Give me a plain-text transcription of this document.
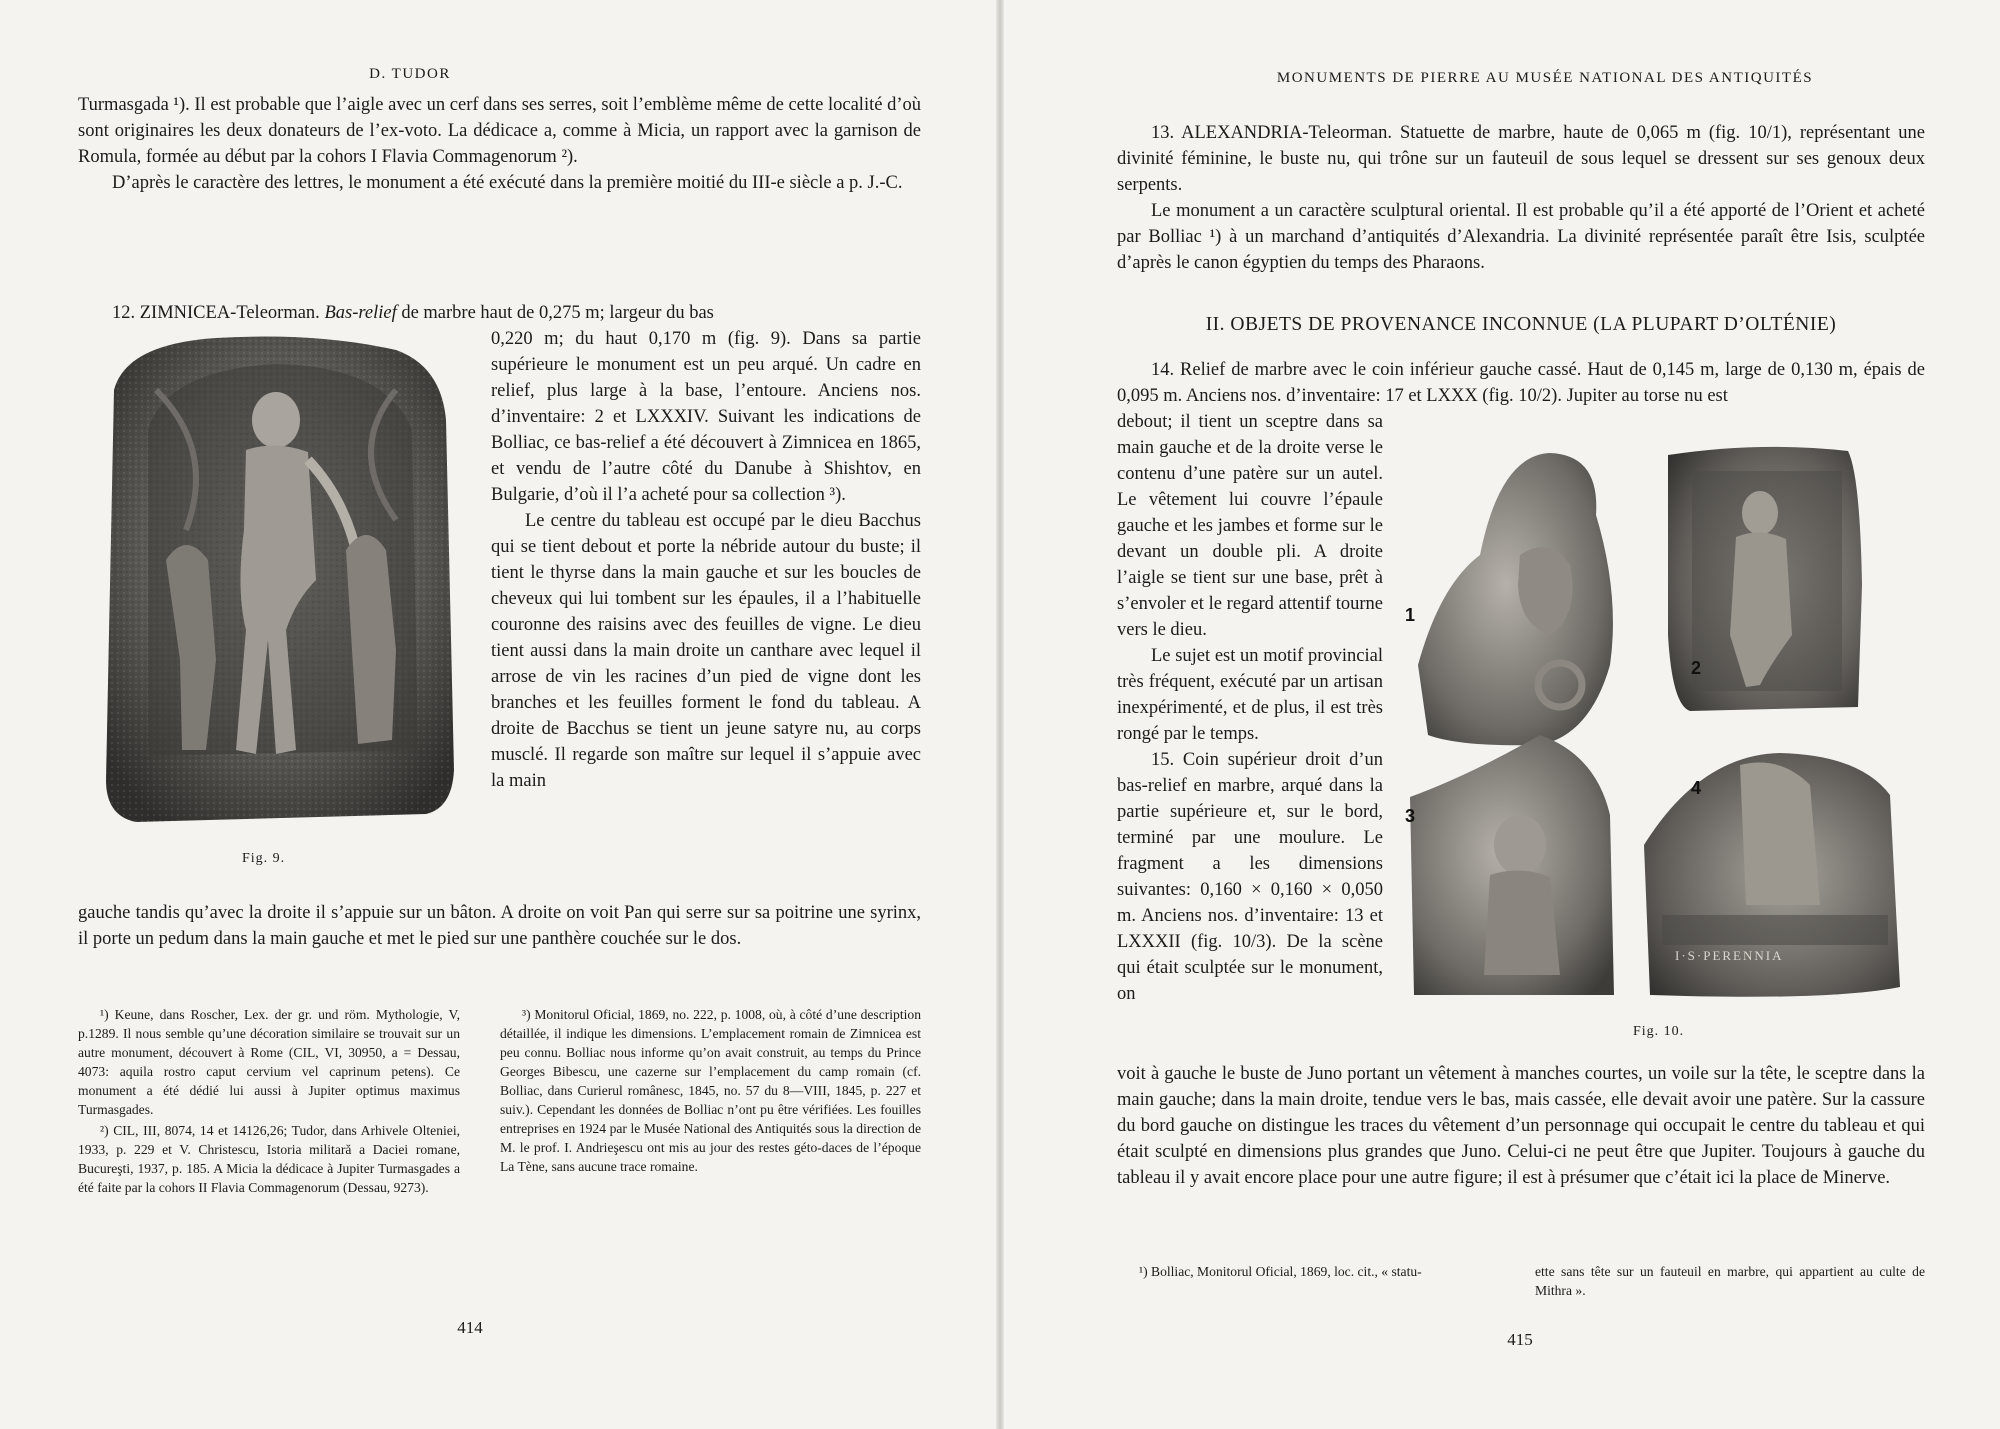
D. TUDOR

Turmasgada ¹). Il est probable que l’aigle avec un cerf dans ses serres, soit l’emblème même de cette localité d’où sont originaires les deux donateurs de l’ex-voto. La dédicace a, comme à Micia, un rapport avec la garnison de Romula, formée au début par la cohors I Flavia Commagenorum ²).

D’après le caractère des lettres, le monument a été exécuté dans la première moitié du III-e siècle a p. J.-C.

12. ZIMNICEA-Teleorman. Bas-relief de marbre haut de 0,275 m; largeur du bas

Fig. 9.

0,220 m; du haut 0,170 m (fig. 9). Dans sa partie supérieure le monument est un peu arqué. Un cadre en relief, plus large à la base, l’entoure. Anciens nos. d’inventaire: 2 et LXXXIV. Suivant les indications de Bolliac, ce bas-relief a été découvert à Zimnicea en 1865, et vendu de l’autre côté du Danube à Shishtov, en Bulgarie, d’où il l’a acheté pour sa collection ³).

Le centre du tableau est occupé par le dieu Bacchus qui se tient debout et porte la nébride autour du buste; il tient le thyrse dans la main gauche et sur les boucles de cheveux qui lui tombent sur les épaules, il a l’habituelle couronne des raisins avec des feuilles de vigne. Le dieu tient aussi dans la main droite un canthare avec lequel il arrose de vin les racines d’un pied de vigne dont les branches et les feuilles forment le fond du tableau. A droite de Bacchus se tient un jeune satyre nu, au corps musclé. Il regarde son maître sur lequel il s’appuie avec la main

gauche tandis qu’avec la droite il s’appuie sur un bâton. A droite on voit Pan qui serre sur sa poitrine une syrinx, il porte un pedum dans la main gauche et met le pied sur une panthère couchée sur le dos.

¹) Keune, dans Roscher, Lex. der gr. und röm. Mythologie, V, p.1289. Il nous semble qu’une décoration similaire se trouvait sur un autre monument, découvert à Rome (CIL, VI, 30950, a = Dessau, 4073: aquila rostro caput cervium vel caprinum petens). Ce monument a été dédié lui aussi à Jupiter optimus maximus Turmasgades.

²) CIL, III, 8074, 14 et 14126,26; Tudor, dans Arhivele Olteniei, 1933, p. 229 et V. Christescu, Istoria militară a Daciei romane, Bucureşti, 1937, p. 185. A Micia la dédicace à Jupiter Turmasgades a été faite par la cohors II Flavia Commagenorum (Dessau, 9273).

³) Monitorul Oficial, 1869, no. 222, p. 1008, où, à côté d’une description détaillée, il indique les dimensions. L’emplacement romain de Zimnicea est peu connu. Bolliac nous informe qu’on avait construit, au temps du Prince Georges Bibescu, une cazerne sur l’emplacement du camp romain (cf. Bolliac, dans Curierul românesc, 1845, no. 57 du 8—VIII, 1845, p. 227 et suiv.). Cependant les données de Bolliac n’ont pu être vérifiées. Les fouilles entreprises en 1924 par le Musée National des Antiquités sous la direction de M. le prof. I. Andrieşescu ont mis au jour des restes géto-daces de l’époque La Tène, sans aucune trace romaine.

414
MONUMENTS DE PIERRE AU MUSÉE NATIONAL DES ANTIQUITÉS

13. ALEXANDRIA-Teleorman. Statuette de marbre, haute de 0,065 m (fig. 10/1), représentant une divinité féminine, le buste nu, qui trône sur un fauteuil de sous lequel se dressent sur ses genoux deux serpents.

Le monument a un caractère sculptural oriental. Il est probable qu’il a été apporté de l’Orient et acheté par Bolliac ¹) à un marchand d’antiquités d’Alexandria. La divinité représentée paraît être Isis, sculptée d’après le canon égyptien du temps des Pharaons.

II. OBJETS DE PROVENANCE INCONNUE (LA PLUPART D’OLTÉNIE)

14. Relief de marbre avec le coin inférieur gauche cassé. Haut de 0,145 m, large de 0,130 m, épais de 0,095 m. Anciens nos. d’inventaire: 17 et LXXX (fig. 10/2). Jupiter au torse nu est

debout; il tient un sceptre dans sa main gauche et de la droite verse le contenu d’une patère sur un autel. Le vêtement lui couvre l’épaule gauche et les jambes et forme sur le devant un double pli. A droite l’aigle se tient sur une base, prêt à s’envoler et le regard attentif tourne vers le dieu.

Le sujet est un motif provincial très fréquent, exécuté par un artisan inexpérimenté, et de plus, il est très rongé par le temps.

15. Coin supérieur droit d’un bas-relief en marbre, arqué dans la partie supérieure et, sur le bord, terminé par une moulure. Le fragment a les dimensions suivantes: 0,160 × 0,160 × 0,050 m. Anciens nos. d’inventaire: 13 et LXXXII (fig. 10/3). De la scène qui était sculptée sur le monument, on

1
2
3
4
I·S·PERENNIA
Fig. 10.

voit à gauche le buste de Juno portant un vêtement à manches courtes, un voile sur la tête, le sceptre dans la main gauche; dans la main droite, tendue vers le bas, mais cassée, elle devait avoir une patère. Sur la cassure du bord gauche on distingue les traces du vêtement d’un personnage qui occupait le centre du tableau et qui était sculpté en dimensions plus grandes que Juno. Celui-ci ne peut être que Jupiter. Toujours à gauche du tableau il y avait encore place pour une autre figure; il est à présumer que c’était ici la place de Minerve.

¹) Bolliac, Monitorul Oficial, 1869, loc. cit., « statu-	ette sans tête sur un fauteuil en marbre, qui appartient au culte de Mithra ».

415
